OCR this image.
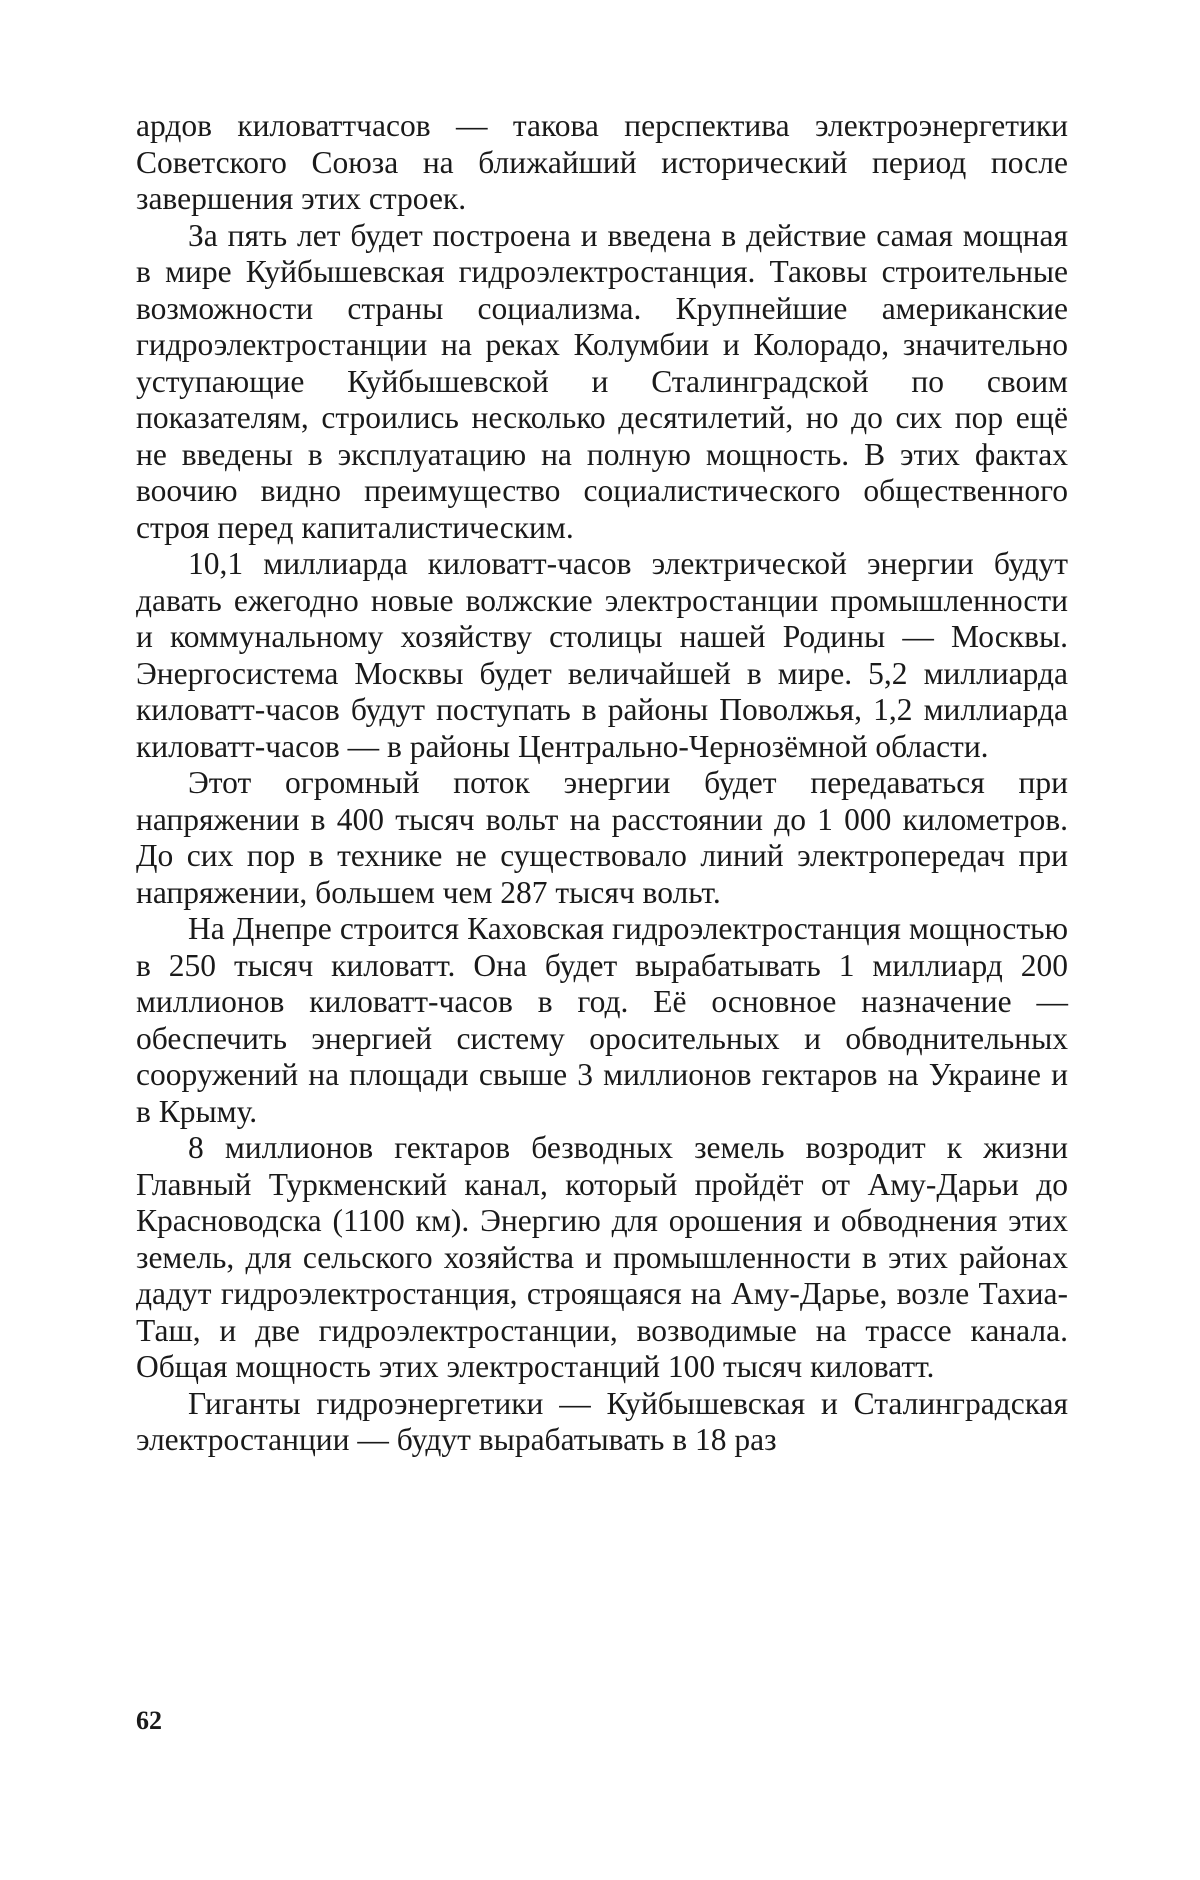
ардов киловаттчасов — такова перспектива электроэнергетики Советского Союза на ближайший исторический период после завершения этих строек.

За пять лет будет построена и введена в действие самая мощная в мире Куйбышевская гидроэлектростанция. Таковы строительные возможности страны социализма. Крупнейшие американские гидроэлектростанции на реках Колумбии и Колорадо, значительно уступающие Куйбышевской и Сталинградской по своим показателям, строились несколько десятилетий, но до сих пор ещё не введены в эксплуатацию на полную мощность. В этих фактах воочию видно преимущество социалистического общественного строя перед капиталистическим.

10,1 миллиарда киловатт-часов электрической энергии будут давать ежегодно новые волжские электростанции промышленности и коммунальному хозяйству столицы нашей Родины — Москвы. Энергосистема Москвы будет величайшей в мире. 5,2 миллиарда киловатт-часов будут поступать в районы Поволжья, 1,2 миллиарда киловатт-часов — в районы Центрально-Чернозёмной области.

Этот огромный поток энергии будет передаваться при напряжении в 400 тысяч вольт на расстоянии до 1 000 километров. До сих пор в технике не существовало линий электропередач при напряжении, большем чем 287 тысяч вольт.

На Днепре строится Каховская гидроэлектростанция мощностью в 250 тысяч киловатт. Она будет вырабатывать 1 миллиард 200 миллионов киловатт-часов в год. Её основное назначение — обеспечить энергией систему оросительных и обводнительных сооружений на площади свыше 3 миллионов гектаров на Украине и в Крыму.

8 миллионов гектаров безводных земель возродит к жизни Главный Туркменский канал, который пройдёт от Аму-Дарьи до Красноводска (1100 км). Энергию для орошения и обводнения этих земель, для сельского хозяйства и промышленности в этих районах дадут гидроэлектростанция, строящаяся на Аму-Дарье, возле Тахиа-Таш, и две гидроэлектростанции, возводимые на трассе канала. Общая мощность этих электростанций 100 тысяч киловатт.

Гиганты гидроэнергетики — Куйбышевская и Сталинградская электростанции — будут вырабатывать в 18 раз

62
